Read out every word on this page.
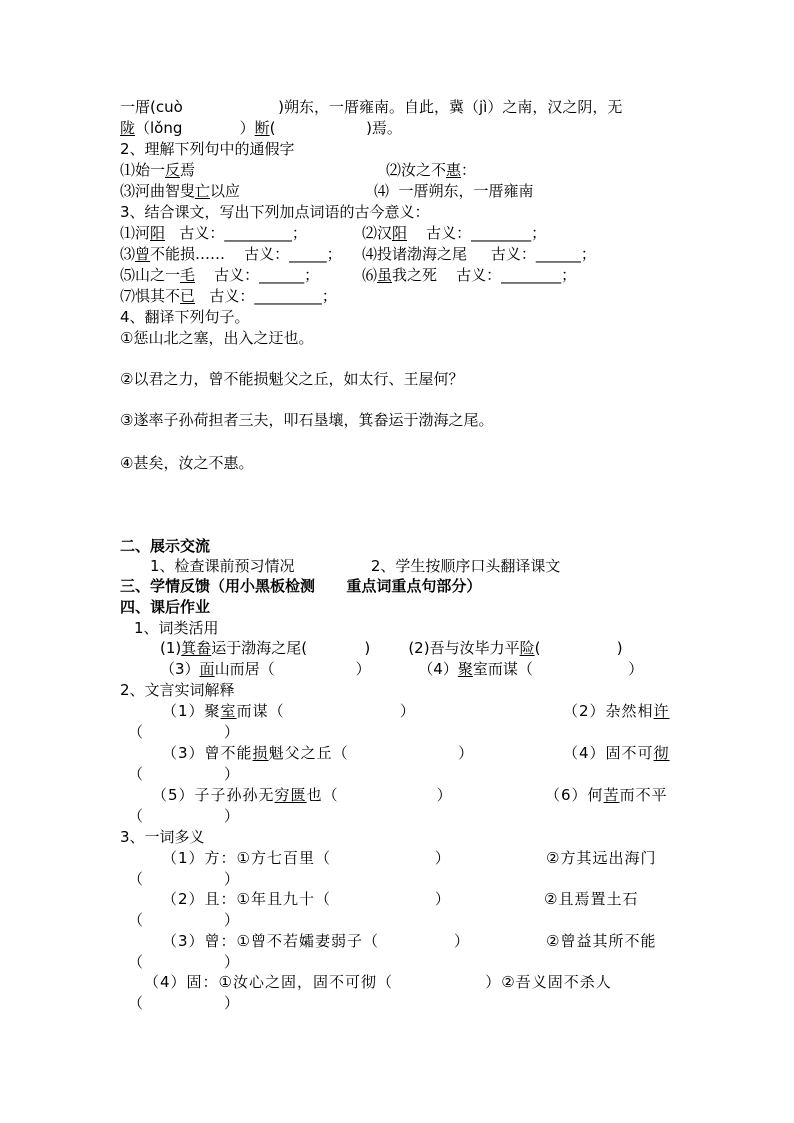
一厝(cuò                    )朔东，一厝雍南。自此，冀（jì）之南，汉之阴，无
陇（lǒng            ）断(                   )焉。
2、理解下列句中的通假字
⑴始一反焉	⑵汝之不惠：
⑶河曲智叟亡以应	⑷  一厝朔东，一厝雍南
3、结合课文，写出下列加点词语的古今意义：
⑴河阳   古义：_________；	⑵汉阳    古义：________；
⑶曾不能损……    古义：_____； ⑷投诸渤海之尾     古义：______；
⑸山之一毛    古义：______；	⑹虽我之死    古义：________；
⑺惧其不已   古义：_________；
4、翻译下列句子。
①惩山北之塞，出入之迂也。
②以君之力，曾不能损魁父之丘，如太行、王屋何？
③遂率子孙荷担者三夫，叩石垦壤，箕畚运于渤海之尾。
④甚矣，汝之不惠。
二、展示交流
1、检查课前预习情况                2、学生按顺序口头翻译课文
三、学情反馈（用小黑板检测      重点词重点句部分）
四、课后作业
1、词类活用
(1)箕畚运于渤海之尾(            )        (2)吾与汝毕力平险(                )
（3）面山而居（                 ）          （4）聚室而谋（                    ）
2、文言实词解释
（1）聚室而谋（                    ）	（2）杂然相许
（                 ）
（3）曾不能损魁父之丘（                   ）	（4）固不可彻
（                 ）
（5）子子孙孙无穷匮也（                 ）	（6）何苦而不平
（                 ）
3、一词多义
（1）方：①方七百里（                  ）	②方其远出海门
（                 ）
（2）且：①年且九十（                  ）	②且焉置土石
（                 ）
（3）曾：①曾不若孀妻弱子（             ）	②曾益其所不能
（                 ）
（4）固：①汝心之固，固不可彻（                ）②吾义固不杀人
（                 ）
